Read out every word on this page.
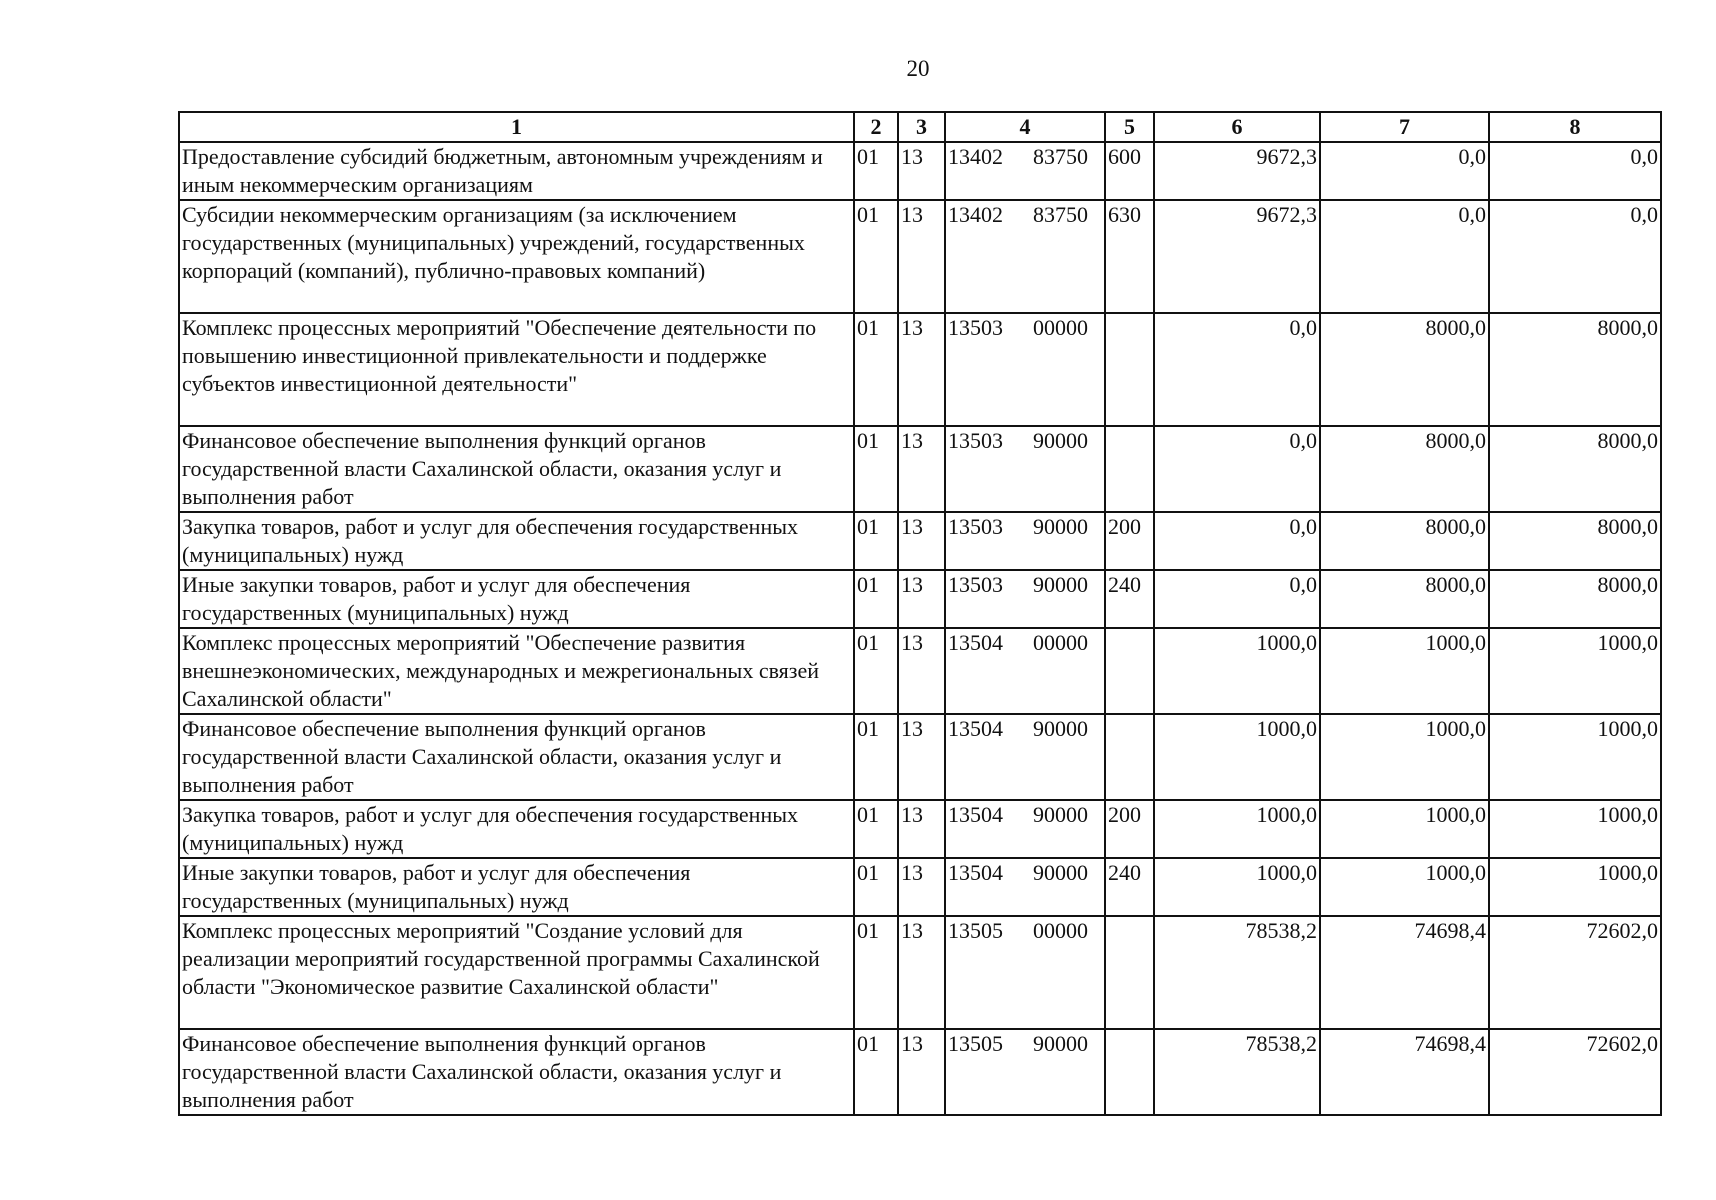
20
1	2	3	4	5	6	7	8
Предоставление субсидий бюджетным, автономным учреждениям и иным некоммерческим организациям	01	13	13402 83750	600	9672,3	0,0	0,0
Субсидии некоммерческим организациям (за исключением государственных (муниципальных) учреждений, государственных корпораций (компаний), публично-правовых компаний)	01	13	13402 83750	630	9672,3	0,0	0,0
Комплекс процессных мероприятий "Обеспечение деятельности по повышению инвестиционной привлекательности и поддержке субъектов инвестиционной деятельности"	01	13	13503 00000		0,0	8000,0	8000,0
Финансовое обеспечение выполнения функций органов государственной власти Сахалинской области, оказания услуг и выполнения работ	01	13	13503 90000		0,0	8000,0	8000,0
Закупка товаров, работ и услуг для обеспечения государственных (муниципальных) нужд	01	13	13503 90000	200	0,0	8000,0	8000,0
Иные закупки товаров, работ и услуг для обеспечения государственных (муниципальных) нужд	01	13	13503 90000	240	0,0	8000,0	8000,0
Комплекс процессных мероприятий "Обеспечение развития внешнеэкономических, международных и межрегиональных связей Сахалинской области"	01	13	13504 00000		1000,0	1000,0	1000,0
Финансовое обеспечение выполнения функций органов государственной власти Сахалинской области, оказания услуг и выполнения работ	01	13	13504 90000		1000,0	1000,0	1000,0
Закупка товаров, работ и услуг для обеспечения государственных (муниципальных) нужд	01	13	13504 90000	200	1000,0	1000,0	1000,0
Иные закупки товаров, работ и услуг для обеспечения государственных (муниципальных) нужд	01	13	13504 90000	240	1000,0	1000,0	1000,0
Комплекс процессных мероприятий "Создание условий для реализации мероприятий государственной программы Сахалинской области "Экономическое развитие Сахалинской области"	01	13	13505 00000		78538,2	74698,4	72602,0
Финансовое обеспечение выполнения функций органов государственной власти Сахалинской области, оказания услуг и выполнения работ	01	13	13505 90000		78538,2	74698,4	72602,0
